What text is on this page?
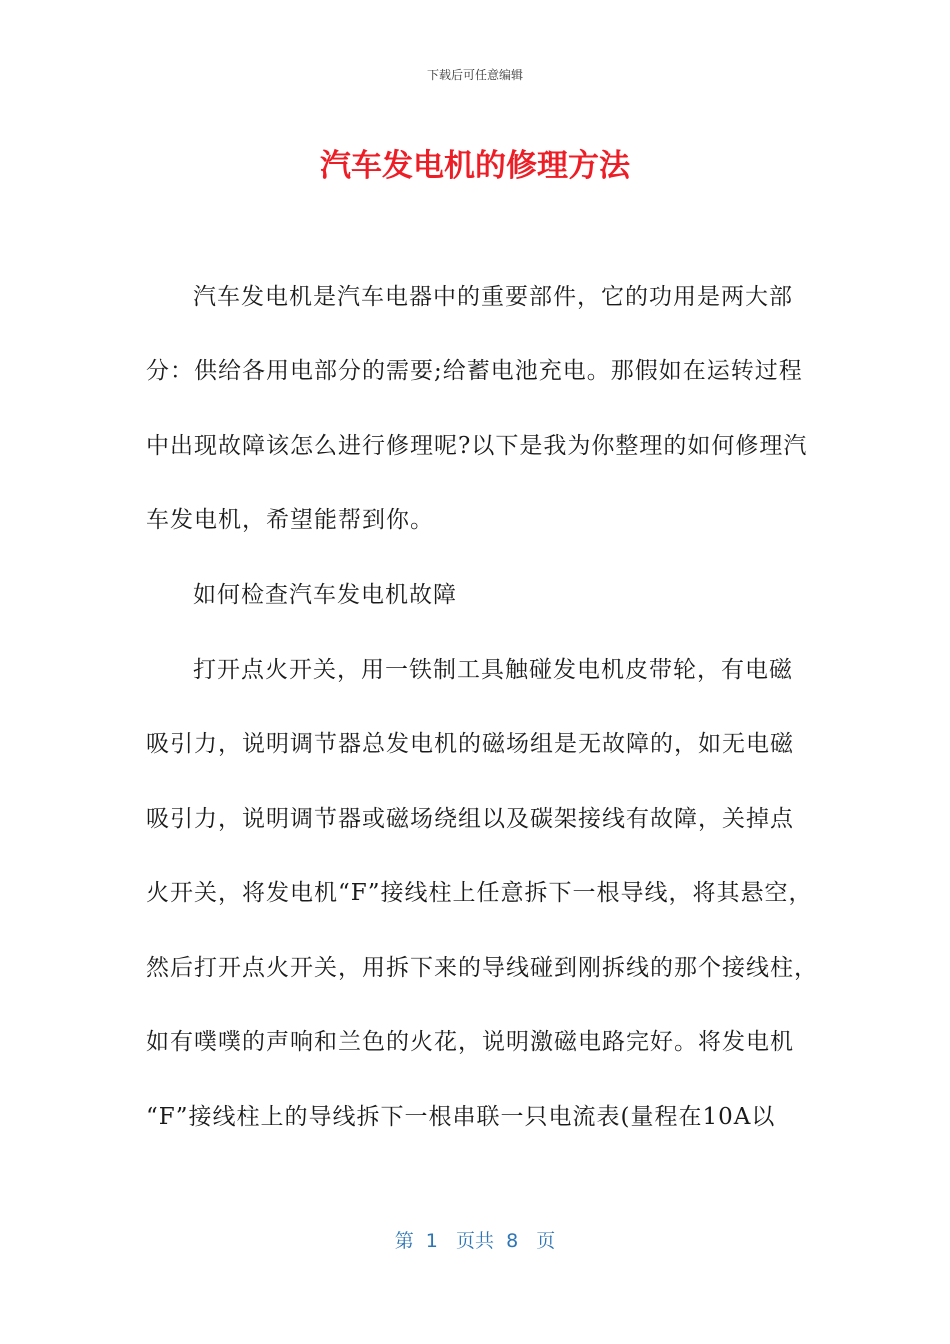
下载后可任意编辑
汽车发电机的修理方法
汽车发电机是汽车电器中的重要部件，它的功用是两大部
分：供给各用电部分的需要;给蓄电池充电。那假如在运转过程
中出现故障该怎么进行修理呢?以下是我为你整理的如何修理汽
车发电机，希望能帮到你。
如何检查汽车发电机故障
打开点火开关，用一铁制工具触碰发电机皮带轮，有电磁
吸引力，说明调节器总发电机的磁场组是无故障的，如无电磁
吸引力，说明调节器或磁场绕组以及碳架接线有故障，关掉点
火开关，将发电机“F”接线柱上任意拆下一根导线，将其悬空，
然后打开点火开关，用拆下来的导线碰到刚拆线的那个接线柱，
如有噗噗的声响和兰色的火花，说明激磁电路完好。将发电机
“F”接线柱上的导线拆下一根串联一只电流表(量程在10A以
第  1   页共  8   页
